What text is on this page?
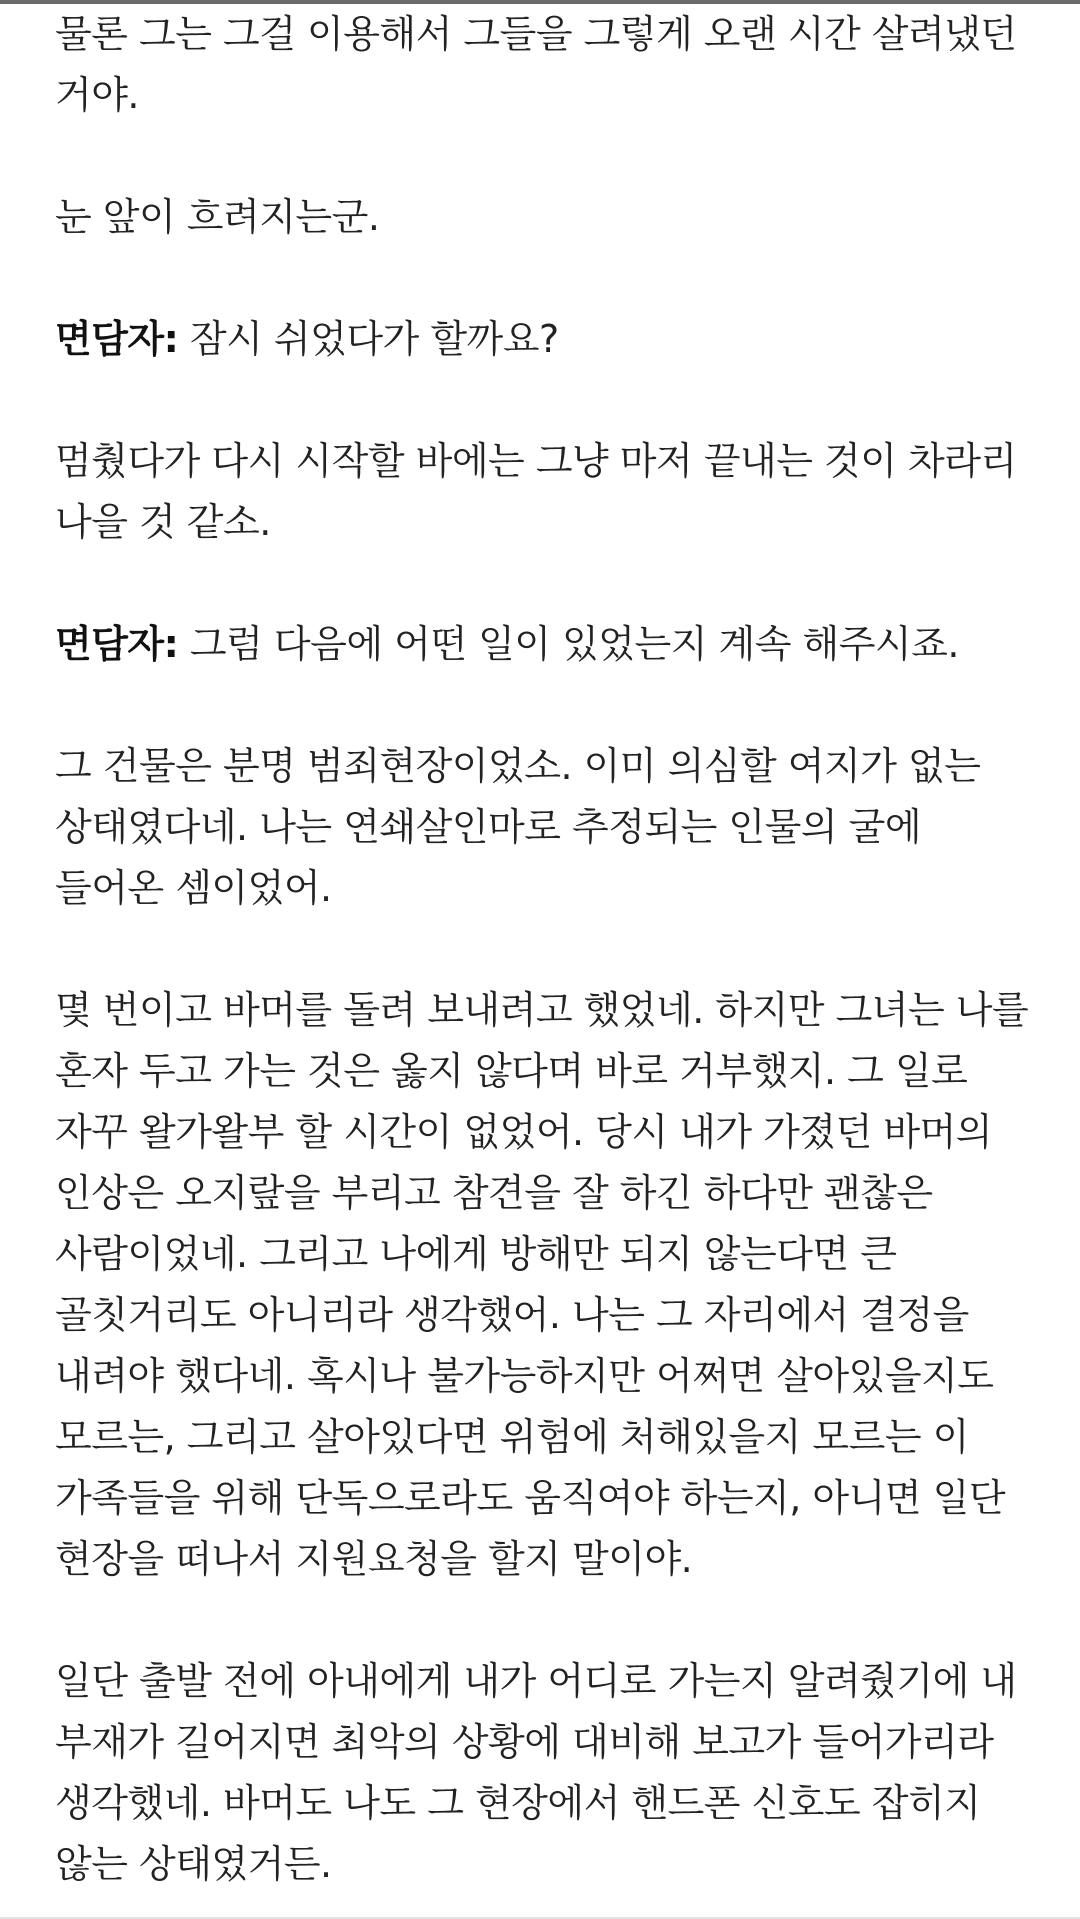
물론 그는 그걸 이용해서 그들을 그렇게 오랜 시간 살려냈던 거야.

눈 앞이 흐려지는군.

면담자: 잠시 쉬었다가 할까요?

멈췄다가 다시 시작할 바에는 그냥 마저 끝내는 것이 차라리 나을 것 같소.

면담자: 그럼 다음에 어떤 일이 있었는지 계속 해주시죠.

그 건물은 분명 범죄현장이었소. 이미 의심할 여지가 없는 상태였다네. 나는 연쇄살인마로 추정되는 인물의 굴에 들어온 셈이었어.

몇 번이고 바머를 돌려 보내려고 했었네. 하지만 그녀는 나를 혼자 두고 가는 것은 옳지 않다며 바로 거부했지. 그 일로 자꾸 왈가왈부 할 시간이 없었어. 당시 내가 가졌던 바머의 인상은 오지랖을 부리고 참견을 잘 하긴 하다만 괜찮은 사람이었네. 그리고 나에게 방해만 되지 않는다면 큰 골칫거리도 아니리라 생각했어. 나는 그 자리에서 결정을 내려야 했다네. 혹시나 불가능하지만 어쩌면 살아있을지도 모르는, 그리고 살아있다면 위험에 처해있을지 모르는 이 가족들을 위해 단독으로라도 움직여야 하는지, 아니면 일단 현장을 떠나서 지원요청을 할지 말이야.

일단 출발 전에 아내에게 내가 어디로 가는지 알려줬기에 내 부재가 길어지면 최악의 상황에 대비해 보고가 들어가리라 생각했네. 바머도 나도 그 현장에서 핸드폰 신호도 잡히지 않는 상태였거든.
